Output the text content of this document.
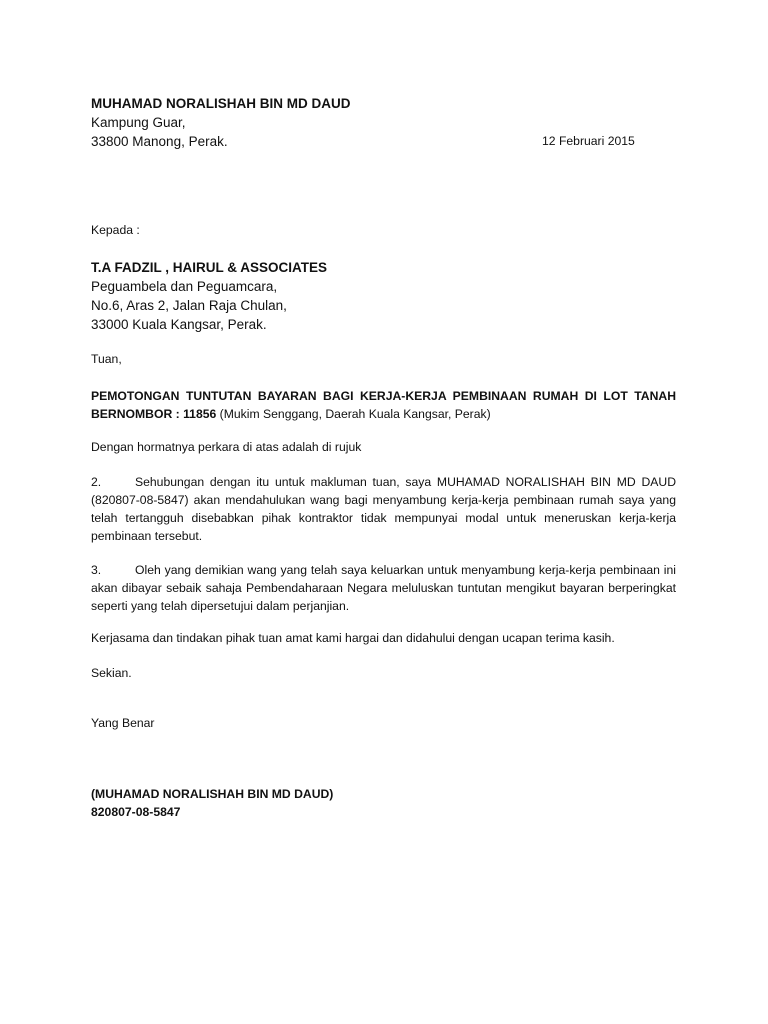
MUHAMAD NORALISHAH BIN MD DAUD
Kampung Guar,
33800 Manong, Perak.	12 Februari 2015
Kepada :
T.A FADZIL , HAIRUL & ASSOCIATES
Peguambela dan Peguamcara,
No.6, Aras 2, Jalan Raja Chulan,
33000 Kuala Kangsar, Perak.
Tuan,
PEMOTONGAN TUNTUTAN BAYARAN BAGI KERJA-KERJA PEMBINAAN RUMAH DI LOT TANAH BERNOMBOR : 11856 (Mukim Senggang, Daerah Kuala Kangsar, Perak)
Dengan hormatnya perkara di atas adalah di rujuk
2.	Sehubungan dengan itu untuk makluman tuan, saya MUHAMAD NORALISHAH BIN MD DAUD (820807-08-5847) akan mendahulukan wang bagi menyambung kerja-kerja pembinaan rumah saya yang telah tertangguh disebabkan pihak kontraktor tidak mempunyai modal untuk meneruskan kerja-kerja pembinaan tersebut.
3.	Oleh yang demikian wang yang telah saya keluarkan untuk menyambung kerja-kerja pembinaan ini akan dibayar sebaik sahaja Pembendaharaan Negara meluluskan tuntutan mengikut bayaran berperingkat seperti yang telah dipersetujui dalam perjanjian.
Kerjasama dan tindakan pihak tuan amat kami hargai dan didahului dengan ucapan terima kasih.
Sekian.
Yang Benar
(MUHAMAD NORALISHAH BIN MD DAUD)
820807-08-5847
